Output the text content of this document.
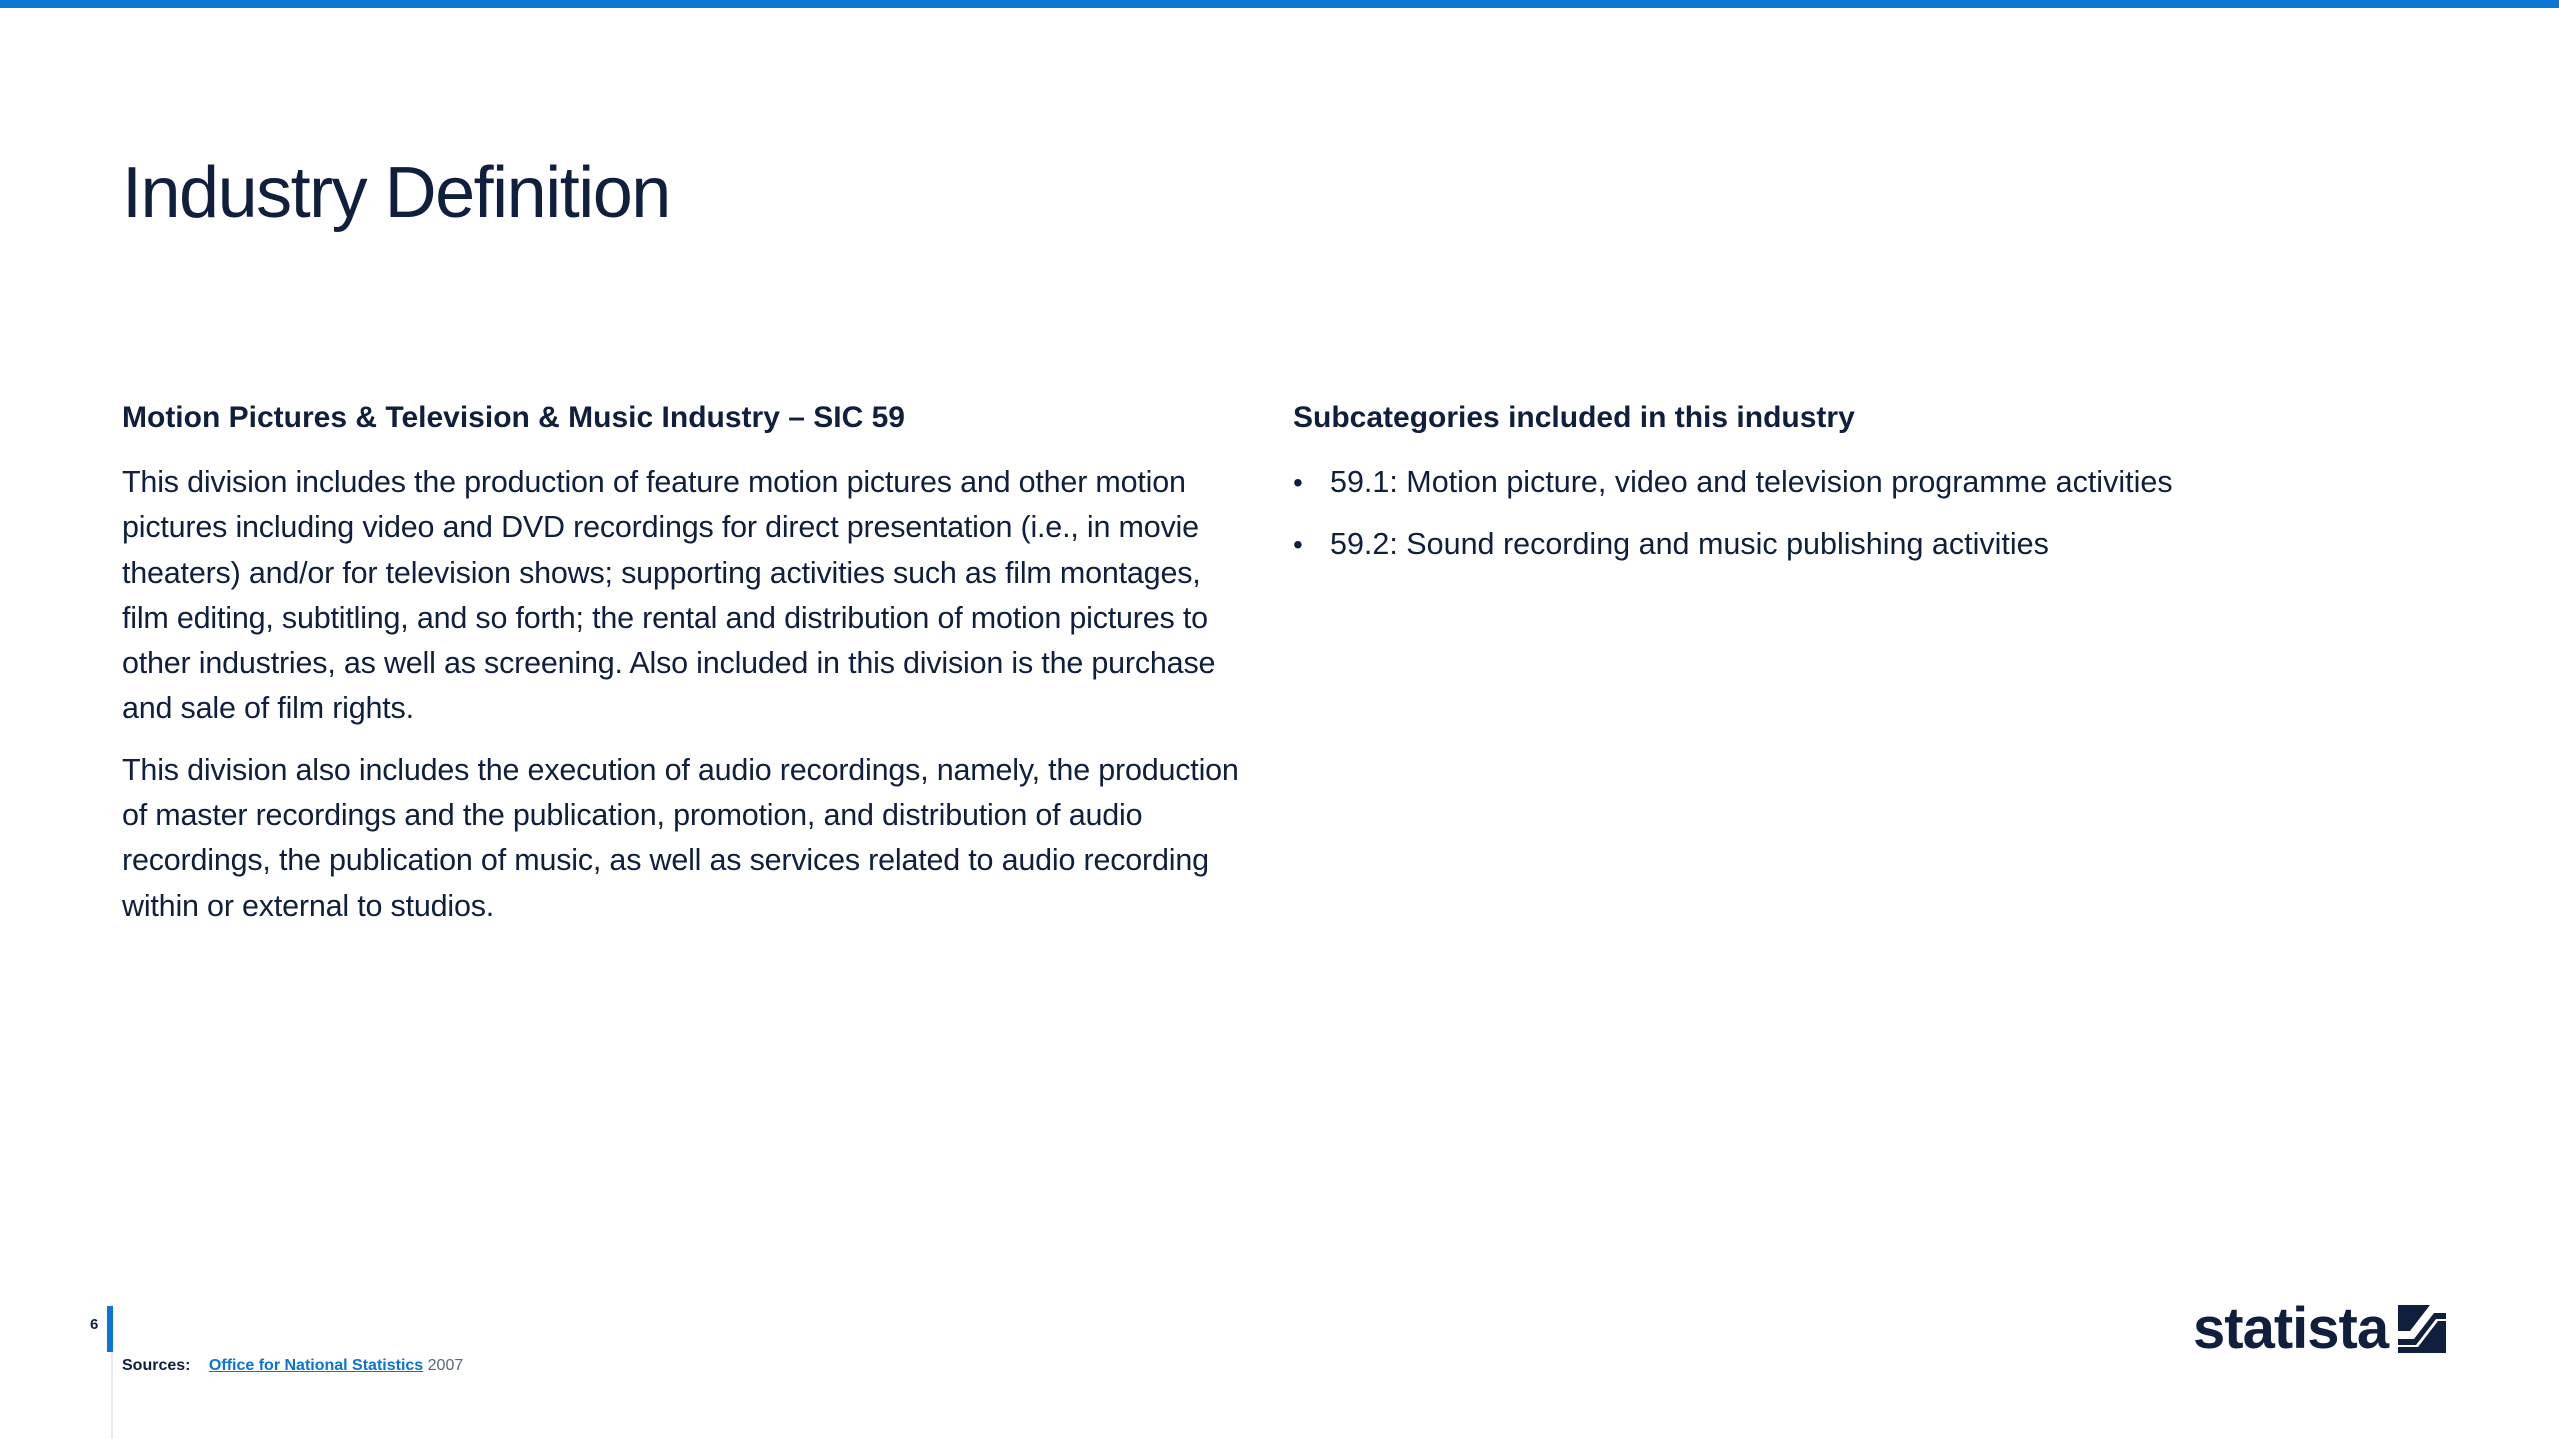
Industry Definition

Motion Pictures & Television & Music Industry – SIC 59

This division includes the production of feature motion pictures and other motion pictures including video and DVD recordings for direct presentation (i.e., in movie theaters) and/or for television shows; supporting activities such as film montages, film editing, subtitling, and so forth; the rental and distribution of motion pictures to other industries, as well as screening. Also included in this division is the purchase and sale of film rights.

This division also includes the execution of audio recordings, namely, the production of master recordings and the publication, promotion, and distribution of audio recordings, the publication of music, as well as services related to audio recording within or external to studios.

Subcategories included in this industry

• 59.1: Motion picture, video and television programme activities
• 59.2: Sound recording and music publishing activities
6
Sources: Office for National Statistics 2007
statista
